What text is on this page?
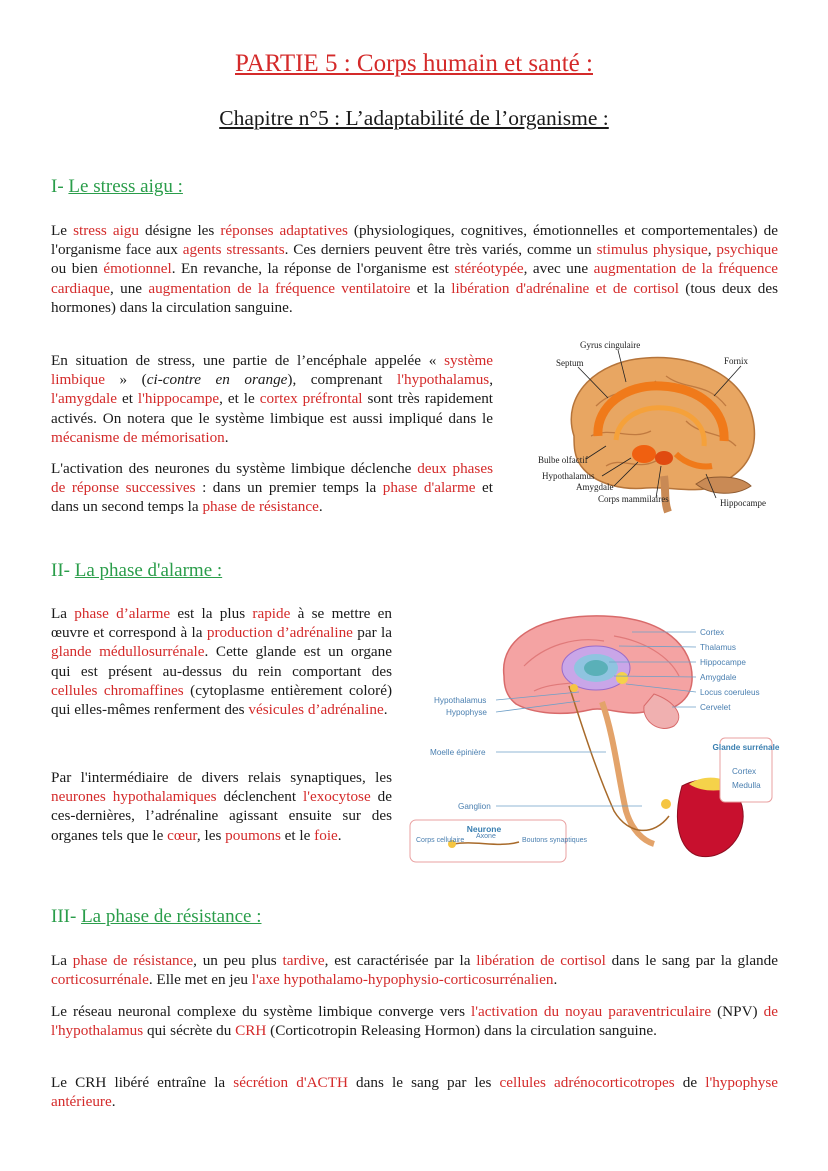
PARTIE 5 : Corps humain et santé :
Chapitre n°5 : L’adaptabilité de l’organisme :
I- Le stress aigu :

Le stress aigu désigne les réponses adaptatives (physiologiques, cognitives, émotionnelles et comportementales) de l'organisme face aux agents stressants. Ces derniers peuvent être très variés, comme un stimulus physique, psychique ou bien émotionnel. En revanche, la réponse de l'organisme est stéréotypée, avec une augmentation de la fréquence cardiaque, une augmentation de la fréquence ventilatoire et la libération d'adrénaline et de cortisol (tous deux des hormones) dans la circulation sanguine.

En situation de stress, une partie de l’encéphale appelée « système limbique » (ci-contre en orange), comprenant l'hypothalamus, l'amygdale et l'hippocampe, et le cortex préfrontal sont très rapidement activés. On notera que le système limbique est aussi impliqué dans le mécanisme de mémorisation.

L'activation des neurones du système limbique déclenche deux phases de réponse successives : dans un premier temps la phase d'alarme et dans un second temps la phase de résistance.

Gyrus cingulaire
Septum	Fornix
Bulbe olfactif
Hypothalamus
Amygdale
Corps mammilaires	Hippocampe
II- La phase d'alarme :

La phase d’alarme est la plus rapide à se mettre en œuvre et correspond à la production d’adrénaline par la glande médullosurrénale. Cette glande est un organe qui est présent au-dessus du rein comportant des cellules chromaffines (cytoplasme entièrement coloré) qui elles-mêmes renferment des vésicules d’adrénaline.

Par l'intermédiaire de divers relais synaptiques, les neurones hypothalamiques déclenchent l'exocytose de ces-dernières, l’adrénaline agissant ensuite sur des organes tels que le cœur, les poumons et le foie.

Cortex
Thalamus
Hippocampe
Amygdale
Locus coeruleus
Cervelet
Hypothalamus
Hypophyse
Moelle épinière
Ganglion
Glande surrénale
Cortex
Medulla
Neurone
Corps cellulaire
Axone
Boutons synaptiques
III- La phase de résistance :

La phase de résistance, un peu plus tardive, est caractérisée par la libération de cortisol dans le sang par la glande corticosurrénale. Elle met en jeu l'axe hypothalamo-hypophysio-corticosurrénalien.

Le réseau neuronal complexe du système limbique converge vers l'activation du noyau paraventriculaire (NPV) de l'hypothalamus qui sécrète du CRH (Corticotropin Releasing Hormon) dans la circulation sanguine.

Le CRH libéré entraîne la sécrétion d'ACTH dans le sang par les cellules adrénocorticotropes de l'hypophyse antérieure.
